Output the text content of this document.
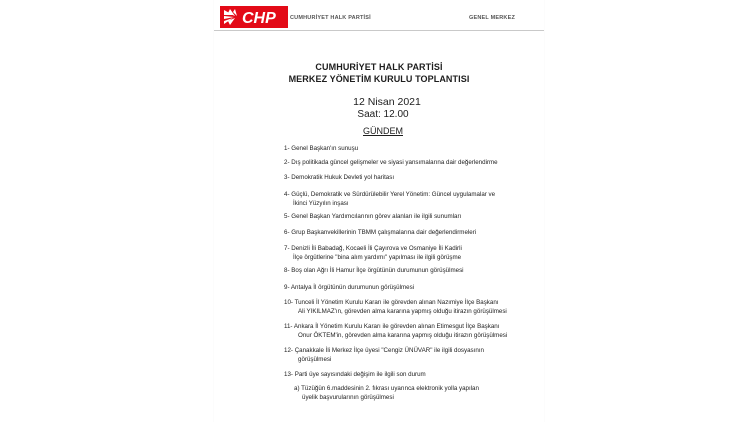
CHP	CUMHURİYET HALK PARTİSİ	GENEL MERKEZ
CUMHURİYET HALK PARTİSİ
MERKEZ YÖNETİM KURULU TOPLANTISI
12 Nisan 2021
Saat: 12.00
GÜNDEM
1- Genel Başkan'ın sunuşu
2- Dış politikada güncel gelişmeler ve siyasi yansımalarına dair değerlendirme
3- Demokratik Hukuk Devleti yol haritası
4- Güçlü, Demokratik ve Sürdürülebilir Yerel Yönetim: Güncel uygulamalar ve
İkinci Yüzyılın inşası
5- Genel Başkan Yardımcılarının görev alanları ile ilgili sunumları
6- Grup Başkanvekillerinin TBMM çalışmalarına dair değerlendirmeleri
7- Denizli İli Babadağ, Kocaeli İli Çayırova ve Osmaniye İli Kadirli
İlçe örgütlerine "bina alım yardımı" yapılması ile ilgili görüşme
8- Boş olan Ağrı İli Hamur İlçe örgütünün durumunun görüşülmesi
9- Antalya İl örgütünün durumunun görüşülmesi
10- Tunceli İl Yönetim Kurulu Kararı ile görevden alınan Nazımiye İlçe Başkanı
Ali YIKILMAZ'ın, görevden alma kararına yapmış olduğu itirazın görüşülmesi
11- Ankara İl Yönetim Kurulu Kararı ile görevden alınan Etimesgut İlçe Başkanı
Onur ÖKTEM'in, görevden alma kararına yapmış olduğu itirazın görüşülmesi
12- Çanakkale İli Merkez İlçe üyesi "Cengiz ÜNÜVAR" ile ilgili dosyasının
görüşülmesi
13- Parti üye sayısındaki değişim ile ilgili son durum
a) Tüzüğün 6.maddesinin 2. fıkrası uyarınca elektronik yolla yapılan
üyelik başvurularının görüşülmesi
